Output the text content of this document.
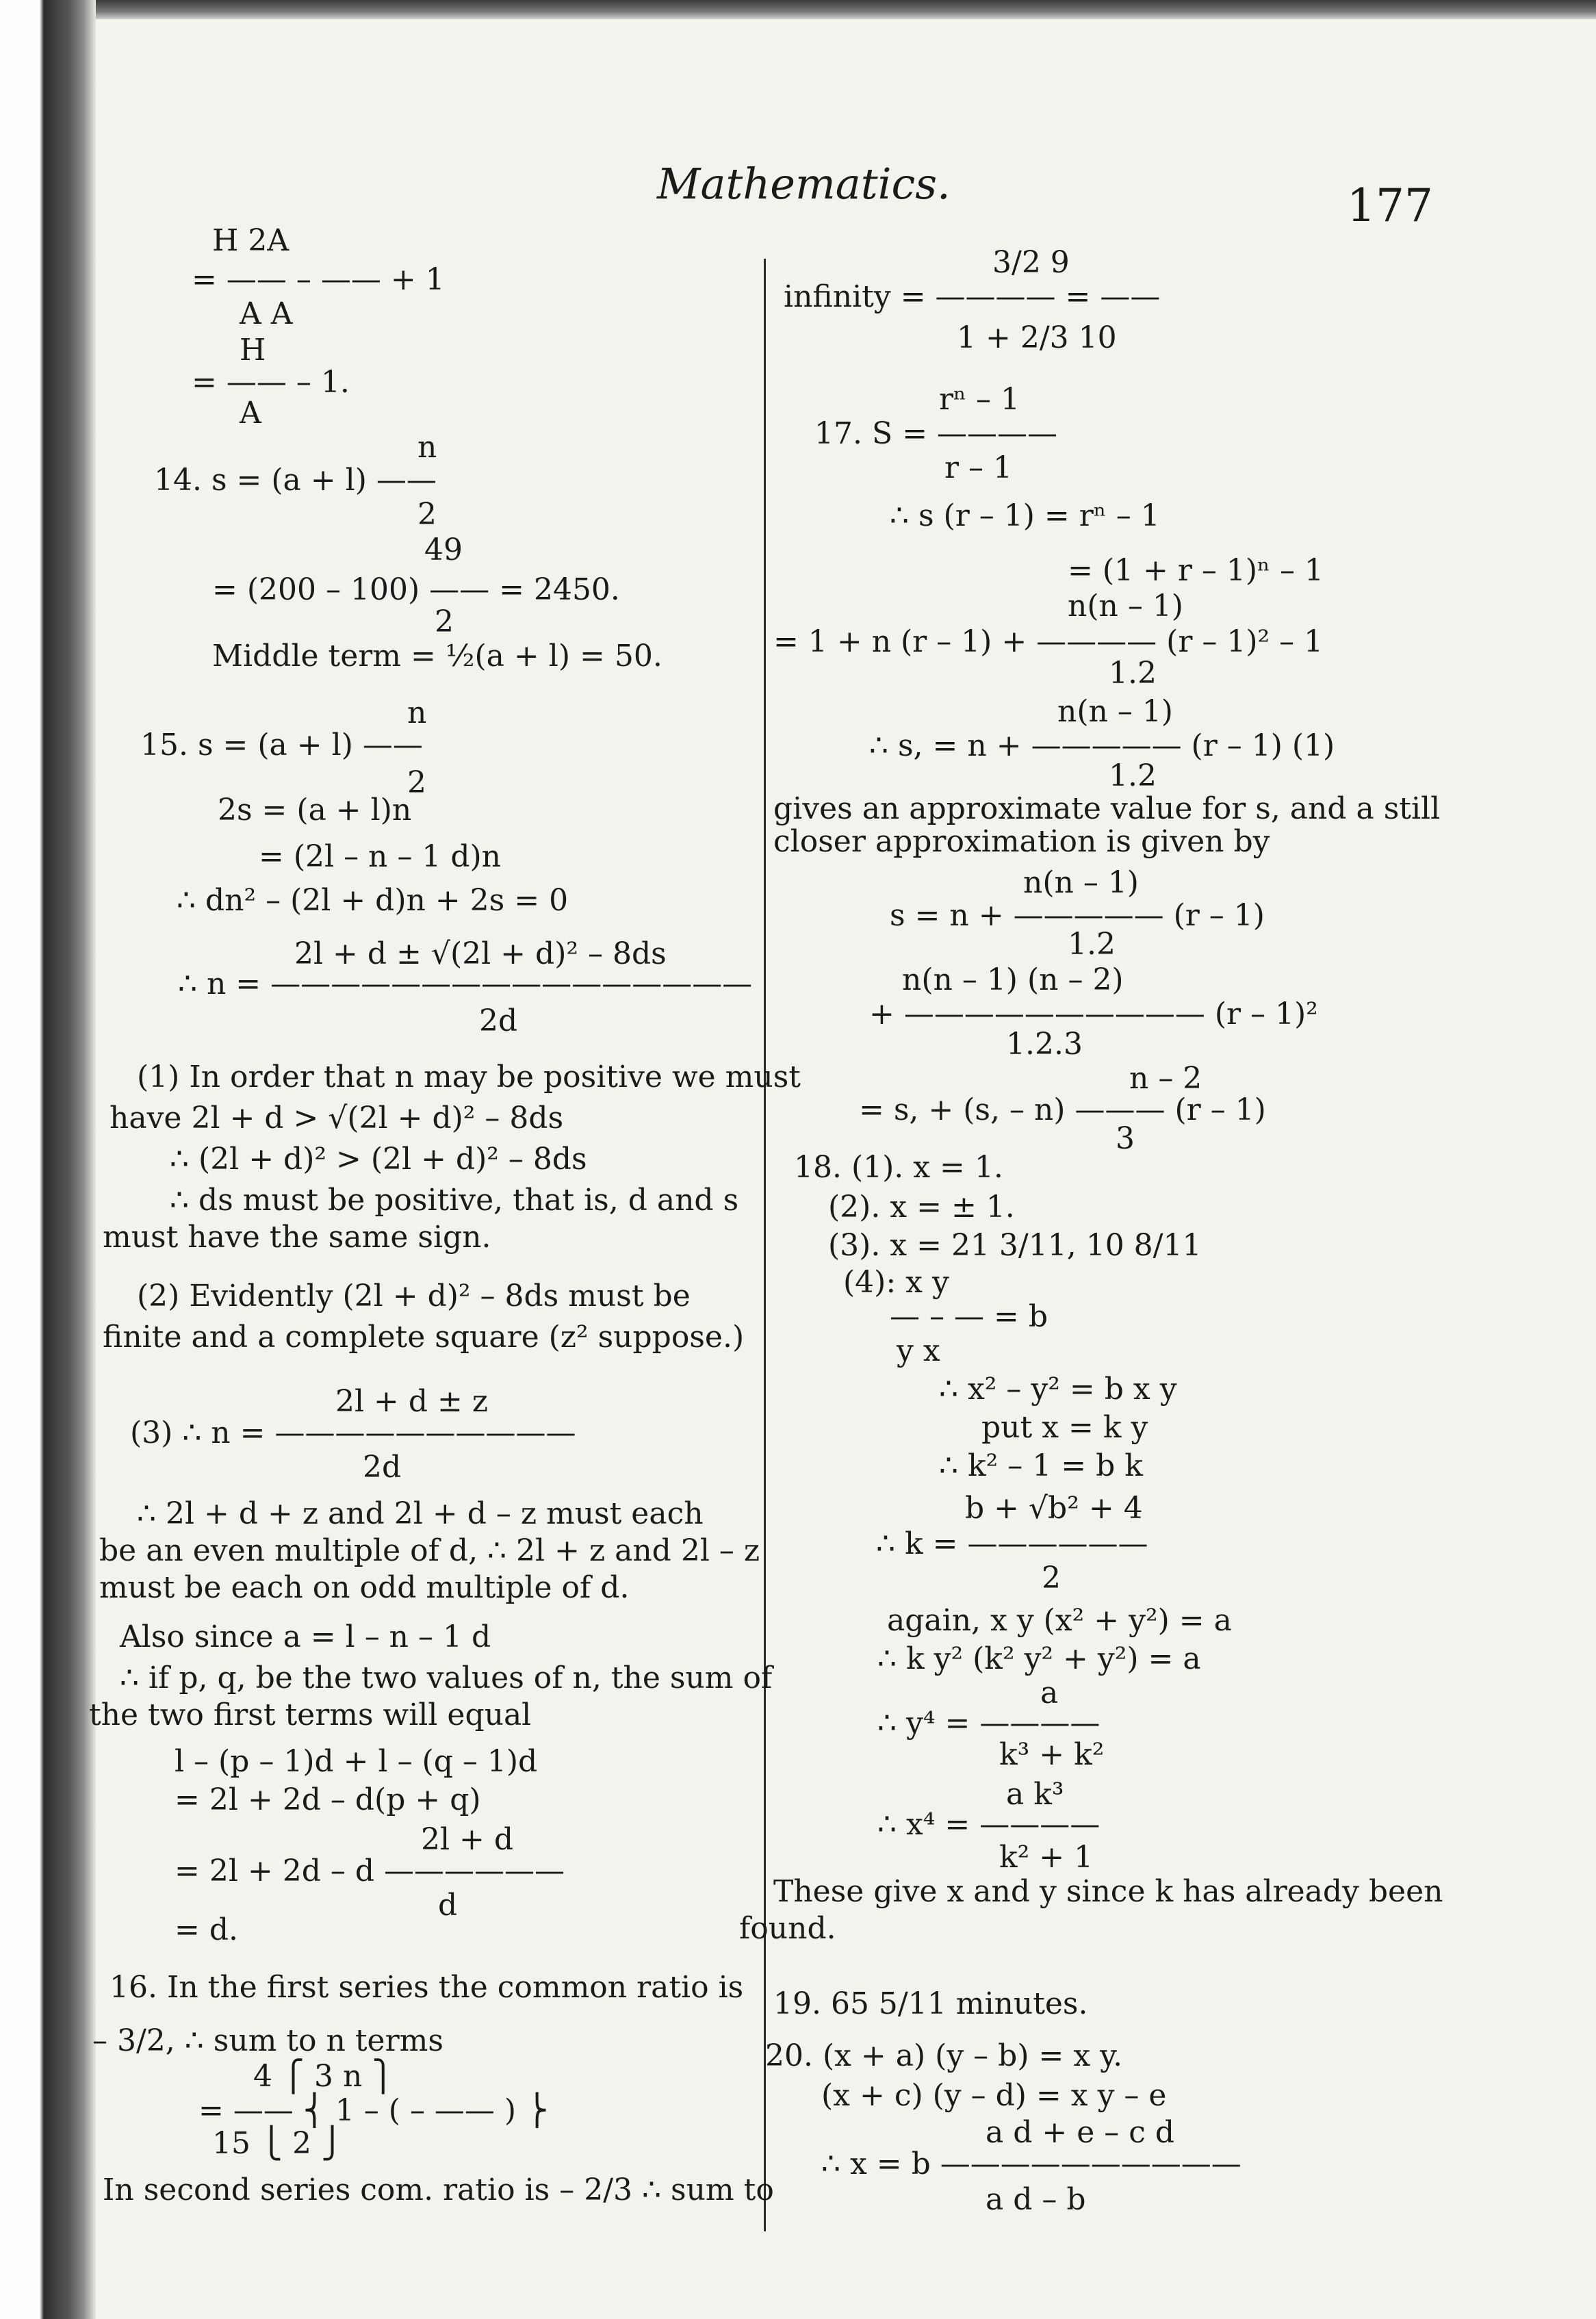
Mathematics.	177
H 2A
= —— – —— + 1
A A
H
= —— – 1.
A
n
14. s = (a + l) ——
2
49
= (200 – 100) —— = 2450.
2
Middle term = ½(a + l) = 50.
n
15. s = (a + l) ——
2
2s = (a + l)n
= (2l – n – 1 d)n
∴ dn² – (2l + d)n + 2s = 0
2l + d ± √(2l + d)² – 8ds
∴ n = ————————————————
2d
(1) In order that n may be positive we must
have 2l + d > √(2l + d)² – 8ds
∴ (2l + d)² > (2l + d)² – 8ds
∴ ds must be positive, that is, d and s
must have the same sign.
(2) Evidently (2l + d)² – 8ds must be
finite and a complete square (z² suppose.)
2l + d ± z
(3) ∴ n = ——————————
2d
∴ 2l + d + z and 2l + d – z must each
be an even multiple of d, ∴ 2l + z and 2l – z
must be each on odd multiple of d.
Also since a = l – n – 1 d
∴ if p, q, be the two values of n, the sum of
the two first terms will equal
l – (p – 1)d + l – (q – 1)d
= 2l + 2d – d(p + q)
2l + d
= 2l + 2d – d ——————
d
= d.
16. In the first series the common ratio is
– 3/2, ∴ sum to n terms
4 ⎧ 3 n ⎫
= —— ⎨ 1 – ( – —— ) ⎬
15 ⎩ 2 ⎭
In second series com. ratio is – 2/3 ∴ sum to
3/2 9
infinity = ———— = ——
1 + 2/3 10
rⁿ – 1
17. S = ————
r – 1
∴ s (r – 1) = rⁿ – 1
= (1 + r – 1)ⁿ – 1
n(n – 1)
= 1 + n (r – 1) + ———— (r – 1)² – 1
1.2
n(n – 1)
∴ s, = n + ————— (r – 1) (1)
1.2
gives an approximate value for s, and a still
closer approximation is given by
n(n – 1)
s = n + ————— (r – 1)
1.2
n(n – 1) (n – 2)
+ —————————— (r – 1)²
1.2.3
n – 2
= s, + (s, – n) ——— (r – 1)
3
18. (1). x = 1.
(2). x = ± 1.
(3). x = 21 3/11, 10 8/11
(4): x y
— – — = b
y x
∴ x² – y² = b x y
put x = k y
∴ k² – 1 = b k
b + √b² + 4
∴ k = ——————
2
again, x y (x² + y²) = a
∴ k y² (k² y² + y²) = a
a
∴ y⁴ = ————
k³ + k²
a k³
∴ x⁴ = ————
k² + 1
These give x and y since k has already been
found.
19. 65 5/11 minutes.
20. (x + a) (y – b) = x y.
(x + c) (y – d) = x y – e
a d + e – c d
∴ x = b ——————————
a d – b
